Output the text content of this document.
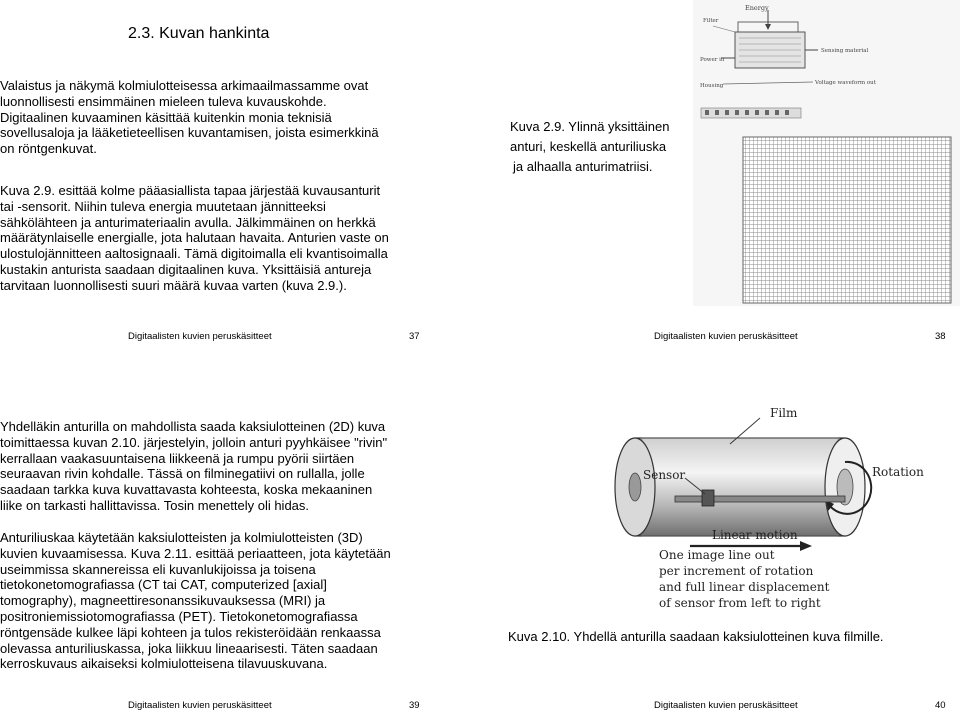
2.3. Kuvan hankinta
Valaistus ja näkymä kolmiulotteisessa arkimaailmassamme ovat
luonnollisesti ensimmäinen mieleen tuleva kuvauskohde.
Digitaalinen kuvaaminen käsittää kuitenkin monia teknisiä
sovellusaloja ja lääketieteellisen kuvantamisen, joista esimerkkinä
on röntgenkuvat.
Kuva 2.9. esittää kolme pääasiallista tapaa järjestää kuvausanturit
tai -sensorit. Niihin tuleva energia muutetaan jännitteeksi
sähkölähteen ja anturimateriaalin avulla. Jälkimmäinen on herkkä
määrätynlaiselle energialle, jota halutaan havaita. Anturien vaste on
ulostulojännitteen aaltosignaali. Tämä digitoimalla eli kvantisoimalla
kustakin anturista saadaan digitaalinen kuva. Yksittäisiä antureja
tarvitaan luonnollisesti suuri määrä kuvaa varten (kuva 2.9.).
Digitaalisten kuvien peruskäsitteet	37
Kuva 2.9. Ylinnä yksittäinen
anturi, keskellä anturiliuska
ja alhaalla anturimatriisi.
Energy
Filter
Power in
Sensing material
Housing	Voltage waveform out
Digitaalisten kuvien peruskäsitteet	38
Yhdelläkin anturilla on mahdollista saada kaksiulotteinen (2D) kuva
toimittaessa kuvan 2.10. järjestelyin, jolloin anturi pyyhkäisee "rivin"
kerrallaan vaakasuuntaisena liikkeenä ja rumpu pyörii siirtäen
seuraavan rivin kohdalle. Tässä on filminegatiivi on rullalla, jolle
saadaan tarkka kuva kuvattavasta kohteesta, koska mekaaninen
liike on tarkasti hallittavissa. Tosin menettely oli hidas.
Anturiliuskaa käytetään kaksiulotteisten ja kolmiulotteisten (3D)
kuvien kuvaamisessa. Kuva 2.11. esittää periaatteen, jota käytetään
useimmissa skannereissa eli kuvanlukijoissa ja toisena
tietokonetomografiassa (CT tai CAT, computerized [axial]
tomography), magneettiresonanssikuvauksessa (MRI) ja
positroniemissiotomografiassa (PET). Tietokonetomografiassa
röntgensäde kulkee läpi kohteen ja tulos rekisteröidään renkaassa
olevassa anturiliuskassa, joka liikkuu lineaarisesti. Täten saadaan
kerroskuvaus aikaiseksi kolmiulotteisena tilavuuskuvana.
Digitaalisten kuvien peruskäsitteet	39
Film
Sensor	Rotation
Linear motion
One image line out
per increment of rotation
and full linear displacement
of sensor from left to right
Kuva 2.10. Yhdellä anturilla saadaan kaksiulotteinen kuva filmille.
Digitaalisten kuvien peruskäsitteet	40
